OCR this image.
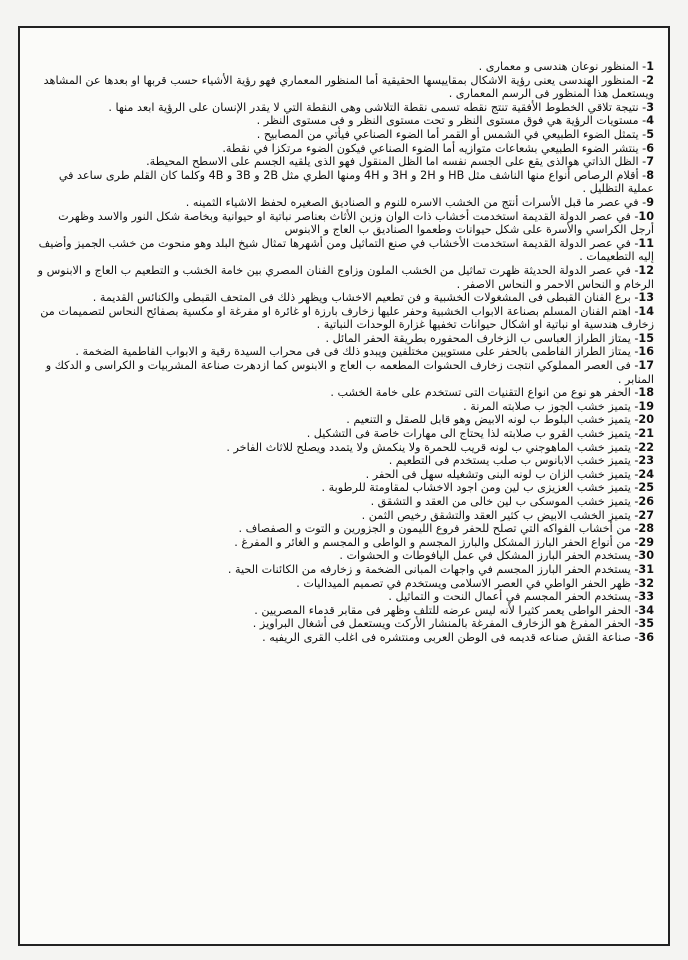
1- المنظور نوعان هندسى و معمارى .

2- المنظور الهندسى يعنى رؤية الاشكال بمقاييسها الحقيقية أما المنظور المعماري فهو رؤية الأشياء حسب قربها او بعدها عن المشاهد ويستعمل هذا المنظور فى الرسم المعمارى .

3- نتيجة تلاقي الخطوط الأفقية تنتج نقطه تسمى نقطة التلاشى وهى النقطة التي لا يقدر الإنسان على الرؤية ابعد منها .

4- مستويات الرؤية هي فوق مستوى النظر و تحت مستوى النظر و فى مستوى النظر .

5- يتمثل الضوء الطبيعي في الشمس أو القمر أما الضوء الصناعي فيأتي من المصابيح .

6- ينتشر الضوء الطبيعي بشعاعات متوازيه أما الضوء الصناعي فيكون الضوء مرتكزا في نقطة.

7- الظل الذاتي هوالذى يقع على الجسم نفسه اما الظل المنقول فهو الذى يلقيه الجسم على الاسطح المحيطة.

8- أقلام الرصاص أنواع منها الناشف مثل HB و 2H و 3H و 4H ومنها الطري مثل 2B و 3B و 4B وكلما كان القلم طرى ساعد في عملية التظليل .

9- في عصر ما قبل الأسرات أنتج من الخشب الاسره للنوم و الصناديق الصغيره لحفظ الاشياء الثمينه .

10- في عصر الدولة القديمة استخدمت أخشاب ذات الوان وزين الأثاث بعناصر نباتية او حيوانية وبخاصة شكل النور والاسد وظهرت أرجل الكراسي والأسرة على شكل حيوانات وطعموا الصناديق ب العاج و الابنوس

11- في عصر الدولة القديمة استخدمت الأخشاب في صنع التماثيل ومن أشهرها تمثال شيخ البلد وهو منحوت من خشب الجميز وأضيف إليه التطعيمات .

12- في عصر الدولة الحديثة ظهرت تماثيل من الخشب الملون وزاوج الفنان المصري بين خامة الخشب و التطعيم ب العاج و الابنوس و الرخام و النحاس الاحمر و النحاس الاصفر .

13- برع الفنان القبطى فى المشغولات الخشبية و فن تطعيم الاخشاب ويظهر ذلك فى المتحف القبطى والكنائس القديمة .

14- اهتم الفنان المسلم بصناعة الابواب الخشبية وحفر عليها زخارف بارزة او غائرة او مفرغة او مكسية بصفائح النحاس لتصميمات من زخارف هندسية او نباتية او اشكال حيوانات تخفيها غزارة الوحدات النباتية .

15- يمتاز الطراز العباسى ب الزخارف المحفوره بطريقة الحفر المائل .

16- يمتاز الطراز الفاطمى بالحفر على مستويين مختلفين ويبدو ذلك فى فى محراب السيدة رقية و الابواب الفاطمية الضخمة .

17- فى العصر المملوكي انتجت زخارف الحشوات المطعمه ب العاج و الابنوس كما ازدهرت صناعة المشربيات و الكراسى و الدكك و المنابر .

18- الحفر هو نوع من انواع التقنيات التى تستخدم على خامة الخشب .

19- يتميز خشب الجوز ب صلابته المرنة .

20- يتميز خشب البلوط ب لونه الابيض وهو قابل للصقل و التنعيم .

21- يتميز خشب القرو ب صلابته لذا يحتاج الى مهارات خاصة فى التشكيل .

22- يتميز خشب الماهوجني ب لونه قريب للحمرة ولا ينكمش ولا يتمدد ويصلح للاثاث الفاخر .

23- يتميز خشب الابانوس ب صلب يستخدم فى التطعيم .

24- يتميز خشب الزان ب لونه البنى وتشغيله سهل فى الحفر .

25- يتميز خشب العزيزى ب لين ومن اجود الاخشاب لمقاومتة للرطوبة .

26- يتميز خشب الموسكى ب لين خالى من العقد و التشقق .

27- يتميز الخشب الابيض ب كثير العقد والتشقق رخيص الثمن .

28- من أخشاب الفواكه التي تصلح للحفر فروع الليمون و الجزورين و التوت و الصفصاف .

29- من أنواع الحفر البارز المشكل والبارز المجسم و الواطى و المجسم و الغائر و المفرغ .

30- يستخدم الحفر البارز المشكل في عمل اليافوطات و الحشوات .

31- يستخدم الحفر البارز المجسم في واجهات المبانى الضخمة و زخارفه من الكائنات الحية .

32- ظهر الحفر الواطي في العصر الاسلامى ويستخدم في تصميم الميداليات .

33- يستخدم الحفر المجسم في أعمال النحت و التماثيل .

34- الحفر الواطى يعمر كثيرا لأنه ليس عرضه للتلف وظهر فى مقابر قدماء المصريين .

35- الحفر المفرغ هو الزخارف المفرغة بالمنشار الأركت ويستعمل فى أشغال البراويز .

36- صناعة القش صناعه قديمه فى الوطن العربى ومنتشره فى اغلب القرى الريفيه .
